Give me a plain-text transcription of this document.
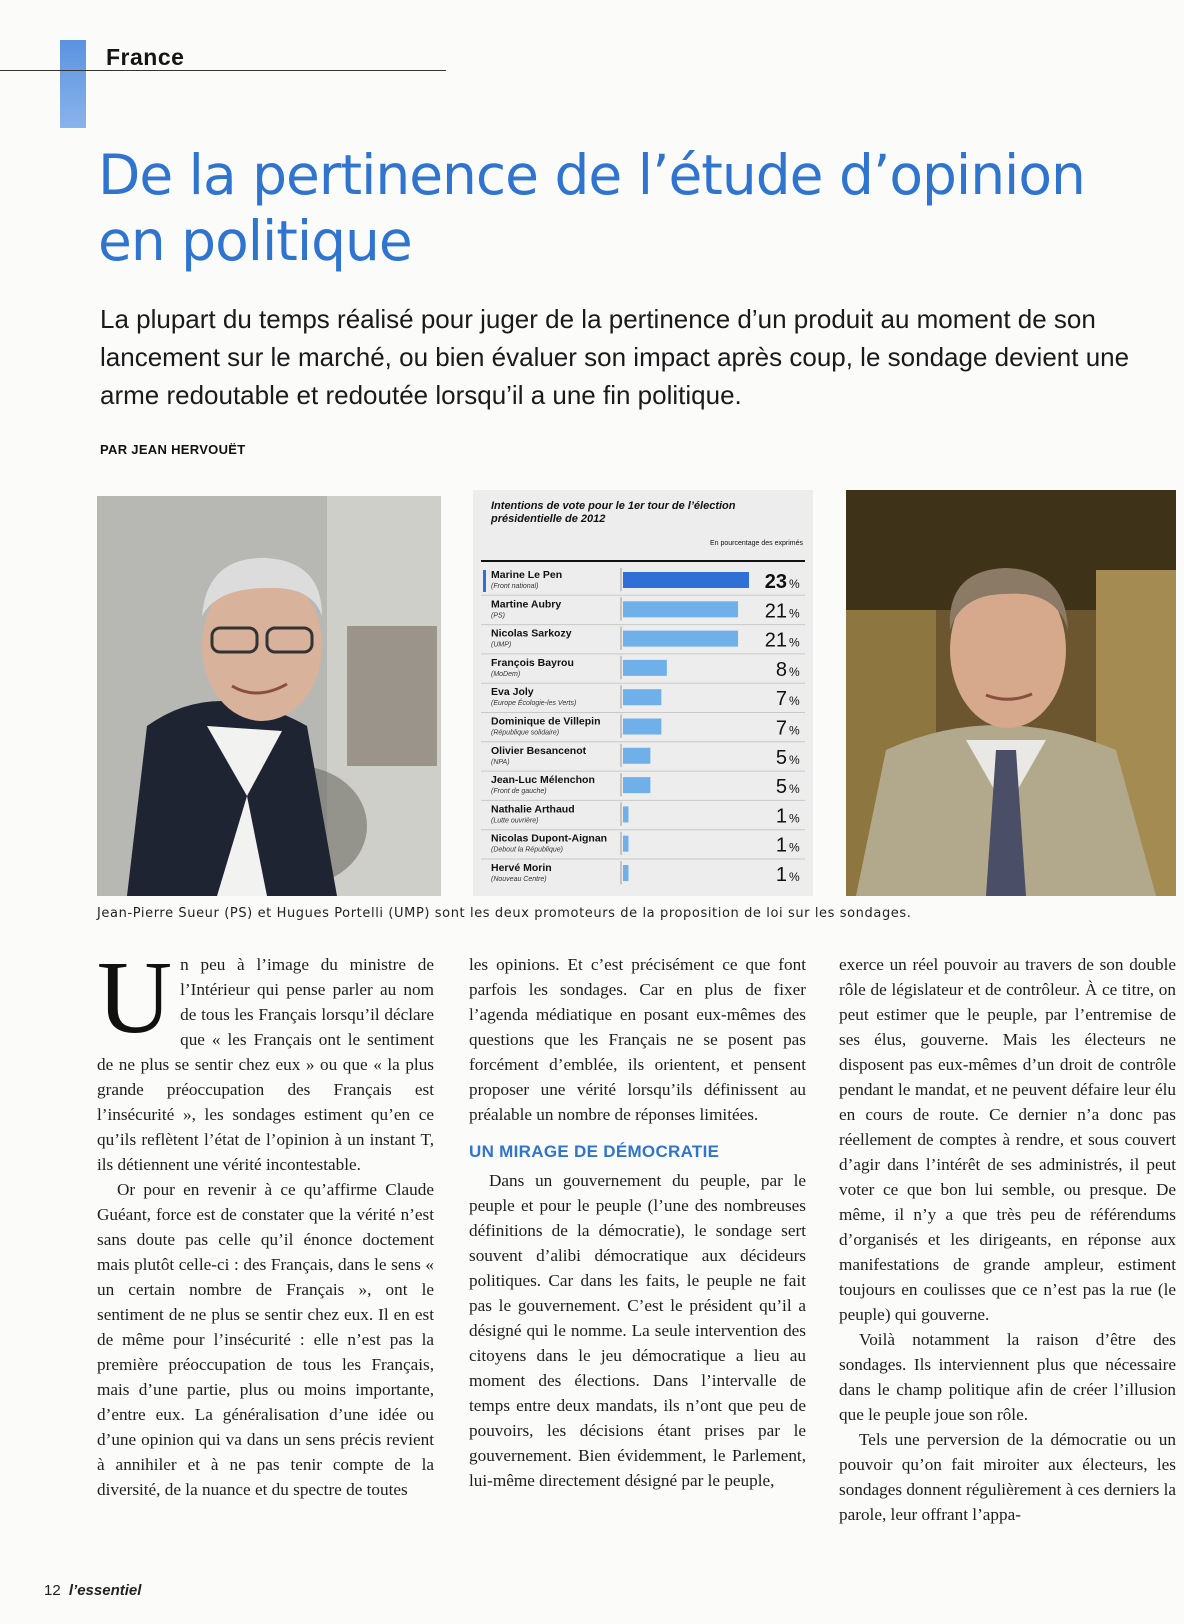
France
De la pertinence de l’étude d’opinion en politique

La plupart du temps réalisé pour juger de la pertinence d’un produit au moment de son lancement sur le marché, ou bien évaluer son impact après coup, le sondage devient une arme redoutable et redoutée lorsqu’il a une fin politique.

PAR JEAN HERVOUËT
Intentions de vote pour le 1er tour de l’élection présidentielle de 2012
En pourcentage des exprimés
Marine Le Pen
(Front national)	23 %
Martine Aubry
(PS)	21 %
Nicolas Sarkozy
(UMP)	21 %
François Bayrou
(MoDem)	8 %
Eva Joly
(Europe Écologie-les Verts)	7 %
Dominique de Villepin
(République solidaire)	7 %
Olivier Besancenot
(NPA)	5 %
Jean-Luc Mélenchon
(Front de gauche)	5 %
Nathalie Arthaud
(Lutte ouvrière)	1 %
Nicolas Dupont-Aignan
(Debout la République)	1 %
Hervé Morin
(Nouveau Centre)	1 %
Jean-Pierre Sueur (PS) et Hugues Portelli (UMP) sont les deux promoteurs de la proposition de loi sur les sondages.

Un peu à l’image du ministre de l’Intérieur qui pense parler au nom de tous les Français lorsqu’il déclare que « les Français ont le sentiment de ne plus se sentir chez eux » ou que « la plus grande préoccupation des Français est l’insécurité », les sondages estiment qu’en ce qu’ils reflètent l’état de l’opinion à un instant T, ils détiennent une vérité incontestable.

Or pour en revenir à ce qu’affirme Claude Guéant, force est de constater que la vérité n’est sans doute pas celle qu’il énonce doctement mais plutôt celle-ci : des Français, dans le sens « un certain nombre de Français », ont le sentiment de ne plus se sentir chez eux. Il en est de même pour l’insécurité : elle n’est pas la première préoccupation de tous les Français, mais d’une partie, plus ou moins importante, d’entre eux. La généralisation d’une idée ou d’une opinion qui va dans un sens précis revient à annihiler et à ne pas tenir compte de la diversité, de la nuance et du spectre de toutes

les opinions. Et c’est précisément ce que font parfois les sondages. Car en plus de fixer l’agenda médiatique en posant eux-mêmes des questions que les Français ne se posent pas forcément d’emblée, ils orientent, et pensent proposer une vérité lorsqu’ils définissent au préalable un nombre de réponses limitées.

UN MIRAGE DE DÉMOCRATIE

Dans un gouvernement du peuple, par le peuple et pour le peuple (l’une des nombreuses définitions de la démocratie), le sondage sert souvent d’alibi démocratique aux décideurs politiques. Car dans les faits, le peuple ne fait pas le gouvernement. C’est le président qu’il a désigné qui le nomme. La seule intervention des citoyens dans le jeu démocratique a lieu au moment des élections. Dans l’intervalle de temps entre deux mandats, ils n’ont que peu de pouvoirs, les décisions étant prises par le gouvernement. Bien évidemment, le Parlement, lui-même directement désigné par le peuple,

exerce un réel pouvoir au travers de son double rôle de législateur et de contrôleur. À ce titre, on peut estimer que le peuple, par l’entremise de ses élus, gouverne. Mais les électeurs ne disposent pas eux-mêmes d’un droit de contrôle pendant le mandat, et ne peuvent défaire leur élu en cours de route. Ce dernier n’a donc pas réellement de comptes à rendre, et sous couvert d’agir dans l’intérêt de ses administrés, il peut voter ce que bon lui semble, ou presque. De même, il n’y a que très peu de référendums d’organisés et les dirigeants, en réponse aux manifestations de grande ampleur, estiment toujours en coulisses que ce n’est pas la rue (le peuple) qui gouverne.

Voilà notamment la raison d’être des sondages. Ils interviennent plus que nécessaire dans le champ politique afin de créer l’illusion que le peuple joue son rôle.

Tels une perversion de la démocratie ou un pouvoir qu’on fait miroiter aux électeurs, les sondages donnent régulièrement à ces derniers la parole, leur offrant l’appa-

12 l’essentiel
